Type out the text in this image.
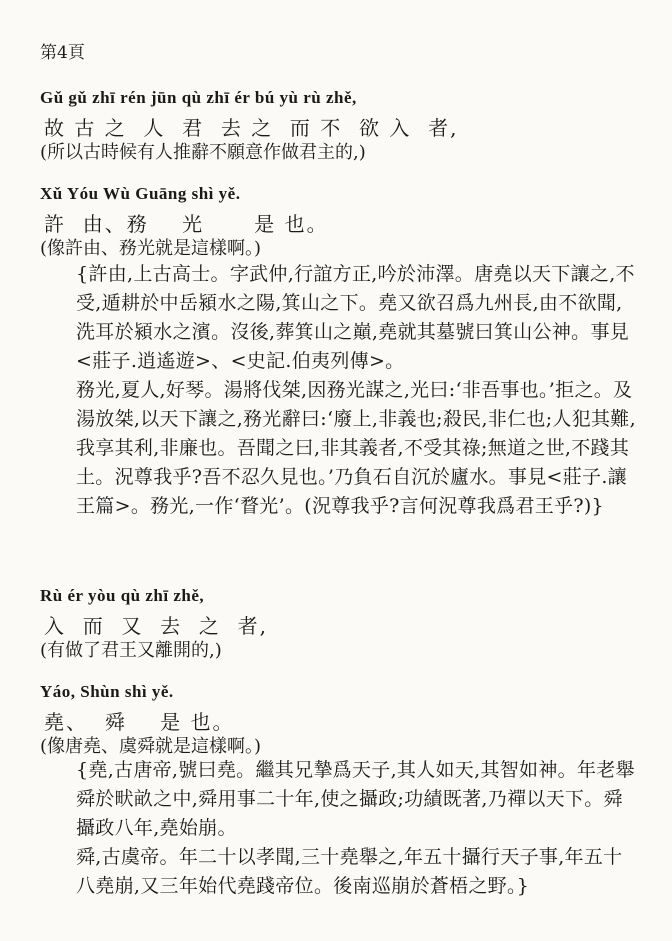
第4頁
Gǔ gǔ zhī rén jūn qù zhī ér bú yù rù zhě,
故 古 之  人  君  去 之  而 不  欲 入  者,
(所以古時候有人推辭不願意作做君主的,)
Xǔ Yóu Wù Guāng shì yě.
許  由、務    光      是 也。
(像許由、務光就是這樣啊。)

{許由,上古高士。字武仲,行誼方正,吟於沛澤。唐堯以天下讓之,不受,遁耕於中岳潁水之陽,箕山之下。堯又欲召爲九州長,由不欲聞,洗耳於潁水之濱。沒後,葬箕山之巔,堯就其墓號曰箕山公神。事見<莊子.逍遙遊>、<史記.伯夷列傳>。

務光,夏人,好琴。湯將伐桀,因務光謀之,光曰:‘非吾事也。’拒之。及湯放桀,以天下讓之,務光辭曰:‘廢上,非義也;殺民,非仁也;人犯其難,我享其利,非廉也。吾聞之曰,非其義者,不受其祿;無道之世,不踐其土。況尊我乎?吾不忍久見也。’乃負石自沉於廬水。事見<莊子.讓王篇>。務光,一作‘瞀光’。(況尊我乎?言何況尊我爲君王乎?)}

Rù ér yòu qù zhī zhě,
入  而  又  去  之  者,
(有做了君王又離開的,)
Yáo, Shùn shì yě.
堯、  舜    是 也。
(像唐堯、虞舜就是這樣啊。)

{堯,古唐帝,號曰堯。繼其兄摯爲天子,其人如天,其智如神。年老舉舜於畎畝之中,舜用事二十年,使之攝政;功績既著,乃禪以天下。舜攝政八年,堯始崩。

舜,古虞帝。年二十以孝聞,三十堯舉之,年五十攝行天子事,年五十八堯崩,又三年始代堯踐帝位。後南巡崩於蒼梧之野。}
